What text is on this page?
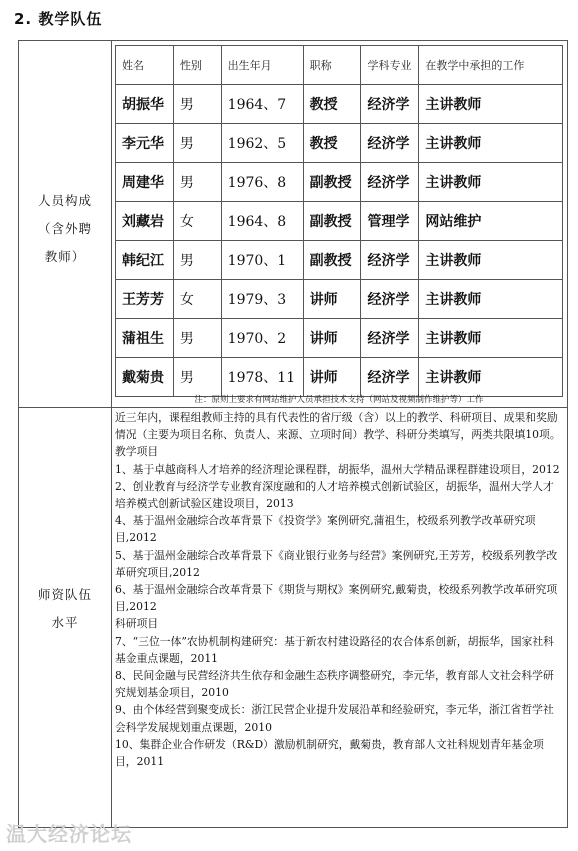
2. 教学队伍
人员构成
（含外聘
教师）
师资队伍
水平
姓名	性别	出生年月	职称	学科专业	在教学中承担的工作
胡振华	男	1964、7	教授	经济学	主讲教师
李元华	男	1962、5	教授	经济学	主讲教师
周建华	男	1976、8	副教授	经济学	主讲教师
刘藏岩	女	1964、8	副教授	管理学	网站维护
韩纪江	男	1970、1	副教授	经济学	主讲教师
王芳芳	女	1979、3	讲师	经济学	主讲教师
蒲祖生	男	1970、2	讲师	经济学	主讲教师
戴菊贵	男	1978、11	讲师	经济学	主讲教师
注：原则上要求有网站维护人员承担技术支持（网站及视频制作维护等）工作

近三年内，课程组教师主持的具有代表性的省厅级（含）以上的教学、科研项目、成果和奖励情况（主要为项目名称、负责人、来源、立项时间）教学、科研分类填写，两类共限填10项。

教学项目

1、基于卓越商科人才培养的经济理论课程群，胡振华，温州大学精品课程群建设项目，2012

2、创业教育与经济学专业教育深度融和的人才培养模式创新试验区，胡振华，温州大学人才培养模式创新试验区建设项目，2013

4、基于温州金融综合改革背景下《投资学》案例研究,蒲祖生，校级系列教学改革研究项目,2012

5、基于温州金融综合改革背景下《商业银行业务与经营》案例研究,王芳芳，校级系列教学改革研究项目,2012

6、基于温州金融综合改革背景下《期货与期权》案例研究,戴菊贵，校级系列教学改革研究项目,2012

科研项目

7、“三位一体”农协机制构建研究：基于新农村建设路径的农合体系创新，胡振华，国家社科基金重点课题，2011

8、民间金融与民营经济共生依存和金融生态秩序调整研究，李元华，教育部人文社会科学研究规划基金项目，2010

9、由个体经营到聚变成长：浙江民营企业提升发展沿革和经验研究，李元华，浙江省哲学社会科学发展规划重点课题，2010

10、集群企业合作研发（R&D）激励机制研究，戴菊贵，教育部人文社科规划青年基金项目，2011

温大经济论坛
